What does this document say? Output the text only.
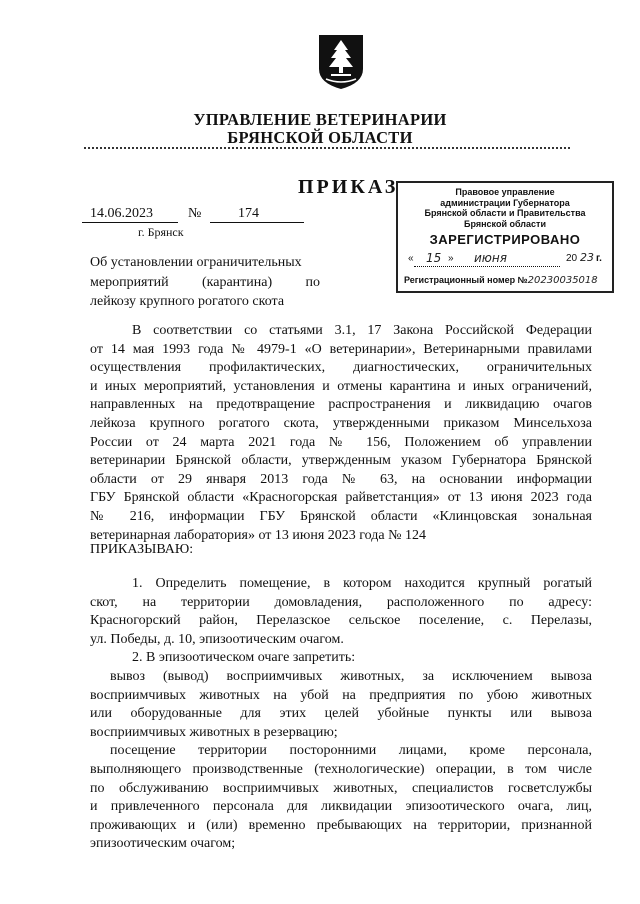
УПРАВЛЕНИЕ ВЕТЕРИНАРИИ
БРЯНСКОЙ ОБЛАСТИ
ПРИКАЗ
14.06.2023	№	174
г. Брянск
Правовое управление
администрации Губернатора
Брянской области и Правительства
Брянской области
ЗАРЕГИСТРИРОВАНО
« 15 » июня	20 23 г.
Регистрационный номер №20230035018
Об установлении ограничительных
мероприятий (карантина) по
лейкозу крупного рогатого скота
В соответствии со статьями 3.1, 17 Закона Российской Федерации
от 14 мая 1993 года № 4979-1 «О ветеринарии», Ветеринарными правилами
осуществления профилактических, диагностических, ограничительных
и иных мероприятий, установления и отмены карантина и иных ограничений,
направленных на предотвращение распространения и ликвидацию очагов
лейкоза крупного рогатого скота, утвержденными приказом Минсельхоза
России от 24 марта 2021 года № 156, Положением об управлении
ветеринарии Брянской области, утвержденным указом Губернатора Брянской
области от 29 января 2013 года № 63, на основании информации
ГБУ Брянской области «Красногорская райветстанция» от 13 июня 2023 года
№ 216, информации ГБУ Брянской области «Клинцовская зональная
ветеринарная лаборатория» от 13 июня 2023 года № 124
ПРИКАЗЫВАЮ:
1. Определить помещение, в котором находится крупный рогатый
скот, на территории домовладения, расположенного по адресу:
Красногорский район, Перелазское сельское поселение, с. Перелазы,
ул. Победы, д. 10, эпизоотическим очагом.
2. В эпизоотическом очаге запретить:
вывоз (вывод) восприимчивых животных, за исключением вывоза
восприимчивых животных на убой на предприятия по убою животных
или оборудованные для этих целей убойные пункты или вывоза
восприимчивых животных в резервацию;
посещение территории посторонними лицами, кроме персонала,
выполняющего производственные (технологические) операции, в том числе
по обслуживанию восприимчивых животных, специалистов госветслужбы
и привлеченного персонала для ликвидации эпизоотического очага, лиц,
проживающих и (или) временно пребывающих на территории, признанной
эпизоотическим очагом;
